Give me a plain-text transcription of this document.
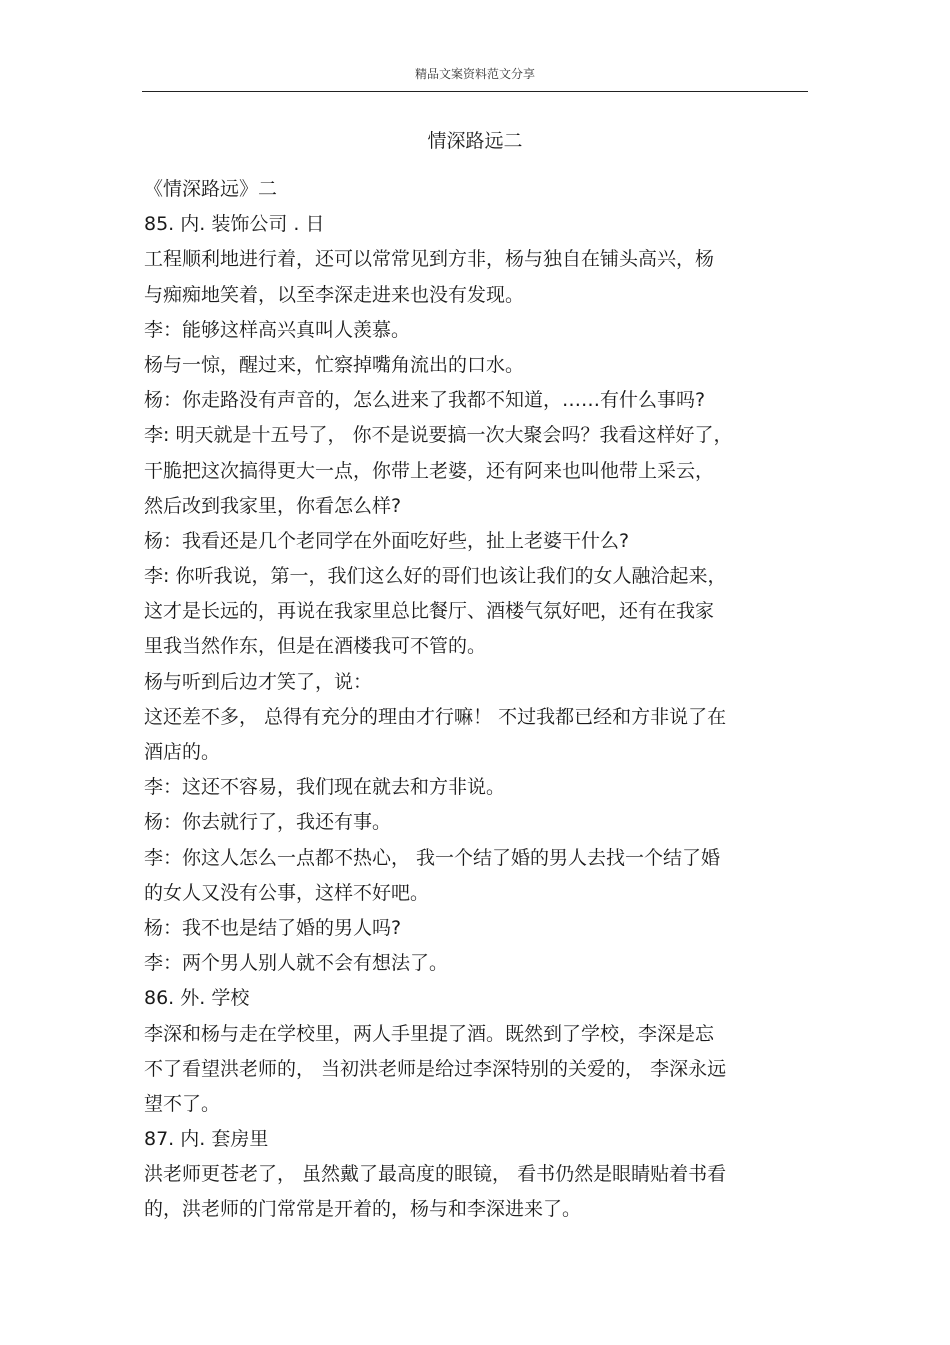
精品文案资料范文分享
情深路远二
《情深路远》二
85. 内. 装饰公司 . 日
工程顺利地进行着，还可以常常见到方非，杨与独自在铺头高兴，杨
与痴痴地笑着，以至李深走进来也没有发现。
李：能够这样高兴真叫人羡慕。
杨与一惊，醒过来，忙察掉嘴角流出的口水。
杨：你走路没有声音的，怎么进来了我都不知道，……有什么事吗?
李: 明天就是十五号了， 你不是说要搞一次大聚会吗？我看这样好了，
干脆把这次搞得更大一点，你带上老婆，还有阿来也叫他带上采云，
然后改到我家里，你看怎么样?
杨：我看还是几个老同学在外面吃好些，扯上老婆干什么?
李: 你听我说，第一，我们这么好的哥们也该让我们的女人融洽起来，
这才是长远的，再说在我家里总比餐厅、酒楼气氛好吧，还有在我家
里我当然作东，但是在酒楼我可不管的。
杨与听到后边才笑了，说：
这还差不多， 总得有充分的理由才行嘛！ 不过我都已经和方非说了在
酒店的。
李：这还不容易，我们现在就去和方非说。
杨：你去就行了，我还有事。
李：你这人怎么一点都不热心， 我一个结了婚的男人去找一个结了婚
的女人又没有公事，这样不好吧。
杨：我不也是结了婚的男人吗?
李：两个男人别人就不会有想法了。
86. 外. 学校
李深和杨与走在学校里，两人手里提了酒。既然到了学校，李深是忘
不了看望洪老师的， 当初洪老师是给过李深特别的关爱的， 李深永远
望不了。
87. 内. 套房里
洪老师更苍老了， 虽然戴了最高度的眼镜， 看书仍然是眼睛贴着书看
的，洪老师的门常常是开着的，杨与和李深进来了。
